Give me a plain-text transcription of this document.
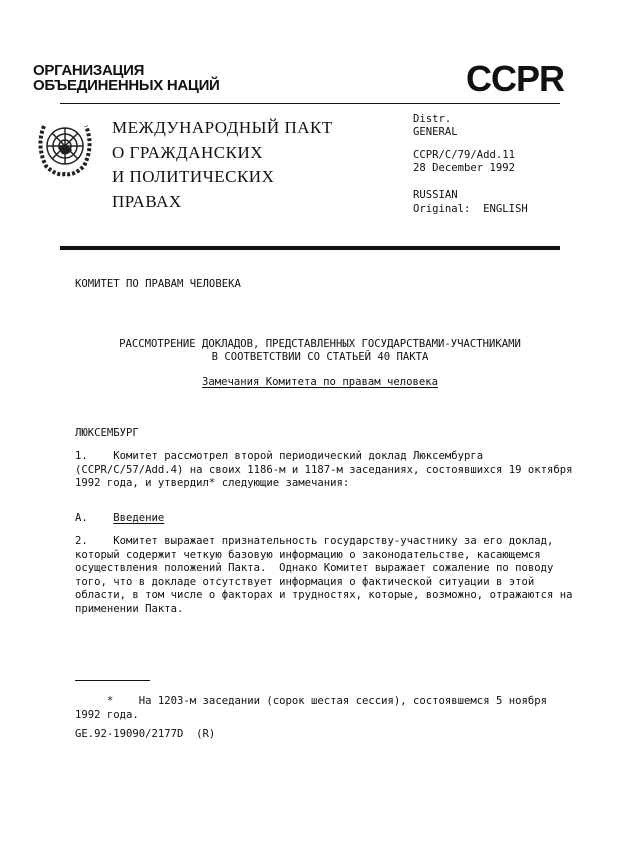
ОРГАНИЗАЦИЯ
ОБЪЕДИНЕННЫХ НАЦИЙ	CCPR
МЕЖДУНАРОДНЫЙ ПАКТ
О ГРАЖДАНСКИХ
И ПОЛИТИЧЕСКИХ
ПРАВАХ
Distr.
GENERAL
CCPR/C/79/Add.11
28 December 1992
RUSSIAN
Original:  ENGLISH
КОМИТЕТ ПО ПРАВАМ ЧЕЛОВЕКА
РАССМОТРЕНИЕ ДОКЛАДОВ, ПРЕДСТАВЛЕННЫХ ГОСУДАРСТВАМИ-УЧАСТНИКАМИ
В СООТВЕТСТВИИ СО СТАТЬЕЙ 40 ПАКТА
Замечания Комитета по правам человека
ЛЮКСЕМБУРГ
1.    Комитет рассмотрел второй периодический доклад Люксембурга
(CCPR/C/57/Add.4) на своих 1186-м и 1187-м заседаниях, состоявшихся 19 октября
1992 года, и утвердил* следующие замечания:
A. Введение
2.    Комитет выражает признательность государству-участнику за его доклад,
который содержит четкую базовую информацию о законодательстве, касающемся
осуществления положений Пакта.  Однако Комитет выражает сожаление по поводу
того, что в докладе отсутствует информация о фактической ситуации в этой
области, в том числе о факторах и трудностях, которые, возможно, отражаются на
применении Пакта.
*    На 1203-м заседании (сорок шестая сессия), состоявшемся 5 ноября
1992 года.
GE.92-19090/2177D  (R)
